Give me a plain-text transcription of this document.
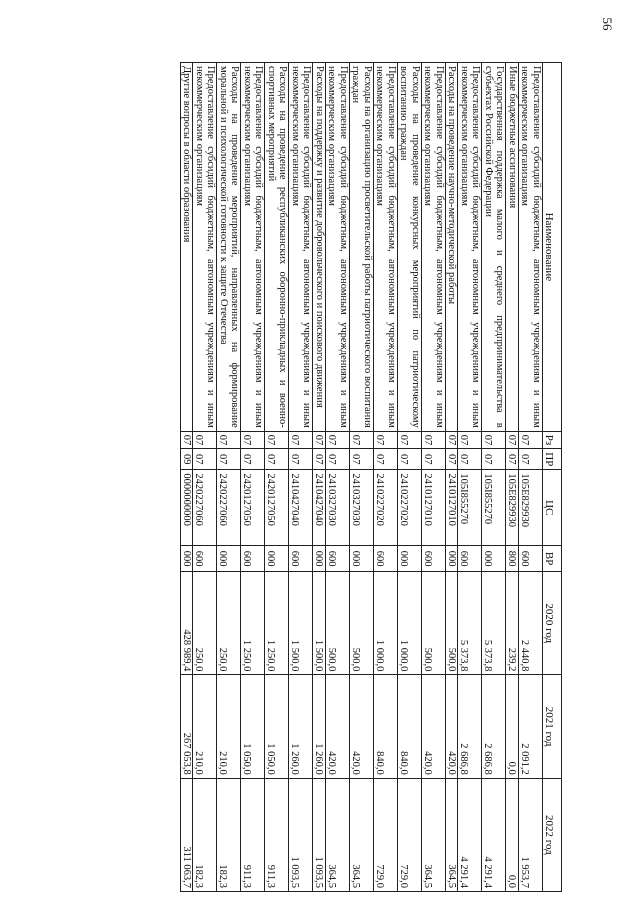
56
Наименование	Рз	ПР	ЦС	ВР	2020 год	2021 год	2022 год
Предоставление субсидий бюджетным, автономным учреждениям и иным некоммерческим организациям	07	07	105E829930	600	2 440,8	2 091,2	1 953,7
Иные бюджетные ассигнования	07	07	105E829930	800	239,2	0,0	0,0
Государственная поддержка малого и среднего предпринимательства в субъектах Российской Федерации	07	07	105I855270	000	5 373,8	2 686,8	4 291,4
Предоставление субсидий бюджетным, автономным учреждениям и иным некоммерческим организациям	07	07	105I855270	600	5 373,8	2 686,8	4 291,4
Расходы на проведение научно-методической работы	07	07	2410127010	000	500,0	420,0	364,5
Предоставление субсидий бюджетным, автономным учреждениям и иным некоммерческим организациям	07	07	2410127010	600	500,0	420,0	364,5
Расходы на проведение конкурсных мероприятий по патриотическому воспитанию граждан	07	07	2410227020	000	1 000,0	840,0	729,0
Предоставление субсидий бюджетным, автономным учреждениям и иным некоммерческим организациям	07	07	2410227020	600	1 000,0	840,0	729,0
Расходы на организацию просветительской работы патриотического воспитания граждан	07	07	2410327030	000	500,0	420,0	364,5
Предоставление субсидий бюджетным, автономным учреждениям и иным некоммерческим организациям	07	07	2410327030	600	500,0	420,0	364,5
Расходы на поддержку и развитие добровольческого и поискового движения	07	07	2410427040	000	1 500,0	1 260,0	1 093,5
Предоставление субсидий бюджетным, автономным учреждениям и иным некоммерческим организациям	07	07	2410427040	600	1 500,0	1 260,0	1 093,5
Расходы на проведение республиканских оборонно-прикладных и военно-спортивных мероприятий	07	07	2420127050	000	1 250,0	1 050,0	911,3
Предоставление субсидий бюджетным, автономным учреждениям и иным некоммерческим организациям	07	07	2420127050	600	1 250,0	1 050,0	911,3
Расходы на проведение мероприятий, направленных на формирование моральной и психологической готовности к защите Отечества	07	07	2420227060	000	250,0	210,0	182,3
Предоставление субсидий бюджетным, автономным учреждениям и иным некоммерческим организациям	07	07	2420227060	600	250,0	210,0	182,3
Другие вопросы в области образования	07	09	0000000000	000	428 989,4	267 053,8	311 063,7
